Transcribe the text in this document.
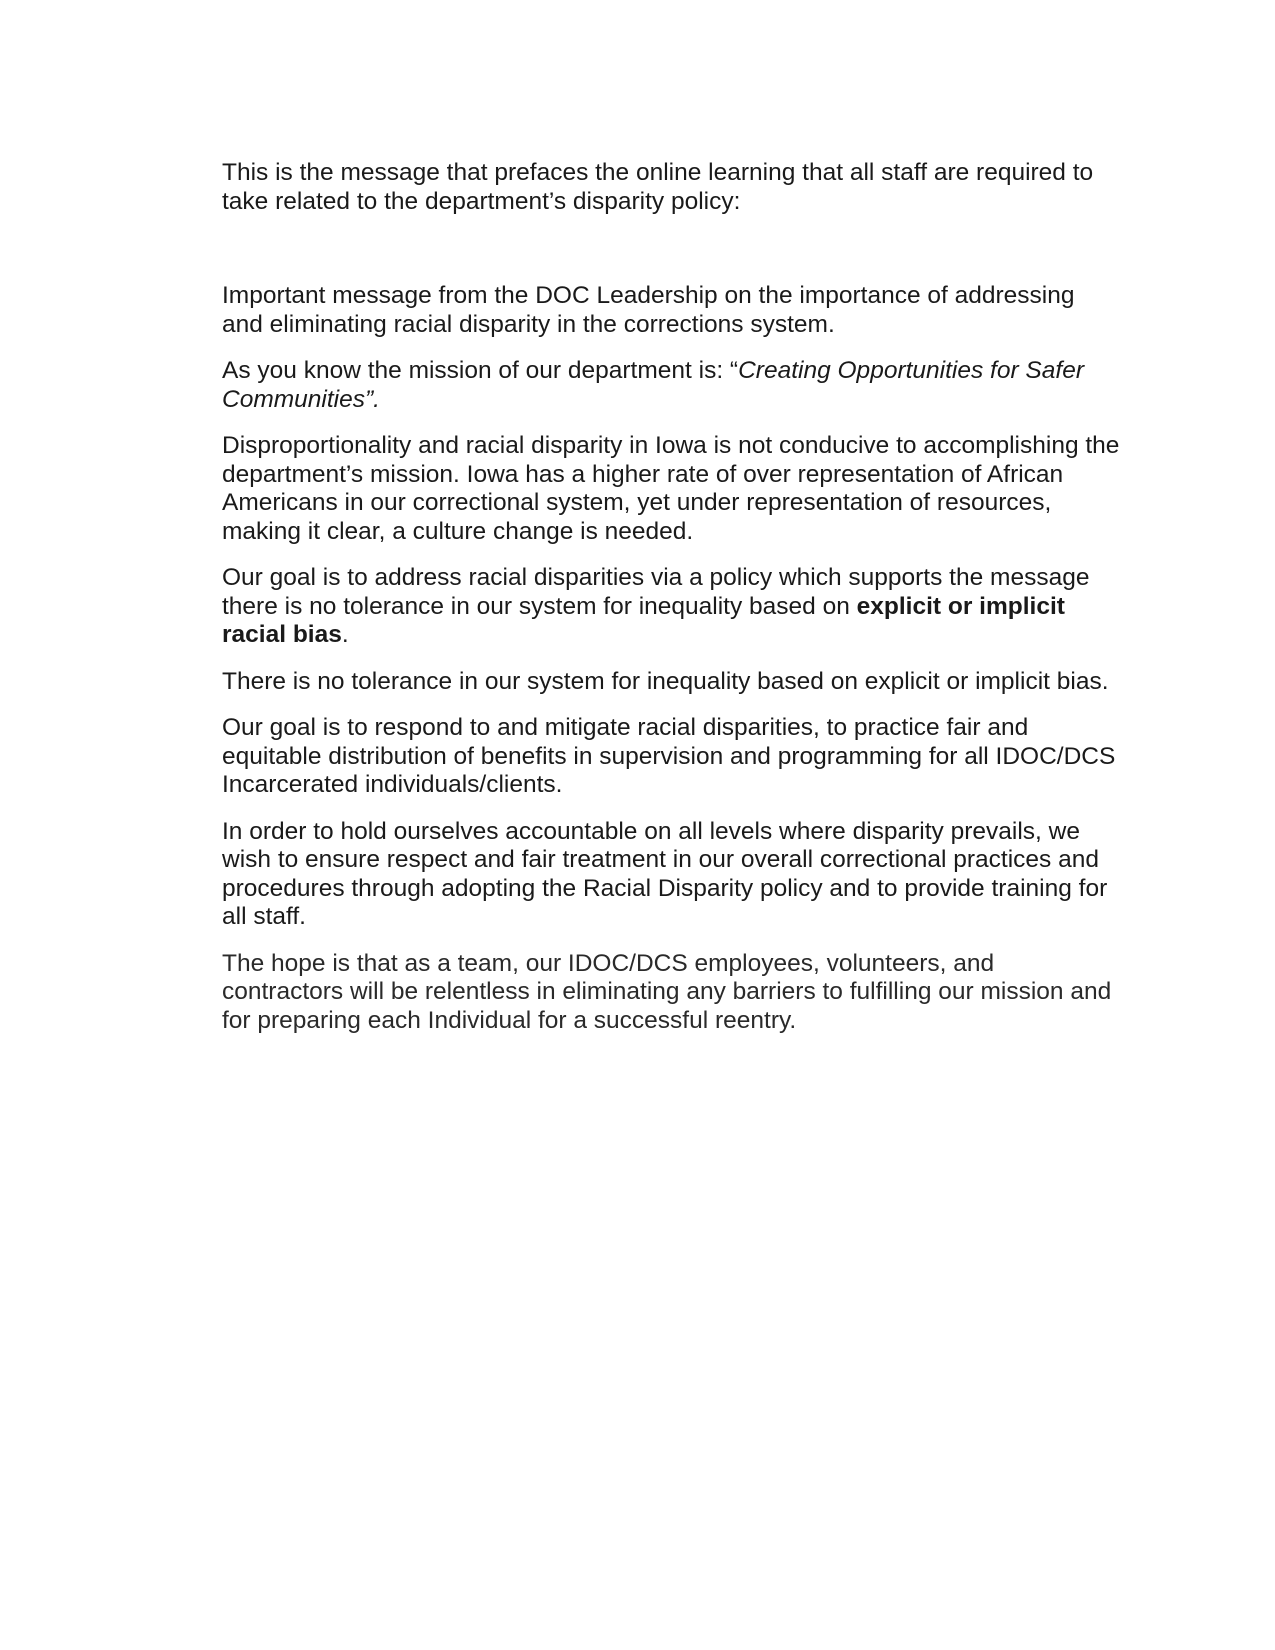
This is the message that prefaces the online learning that all staff are required to take related to the department’s disparity policy:

Important message from the DOC Leadership on the importance of addressing and eliminating racial disparity in the corrections system.

As you know the mission of our department is: “Creating Opportunities for Safer Communities”.

Disproportionality and racial disparity in Iowa is not conducive to accomplishing the department’s mission. Iowa has a higher rate of over representation of African Americans in our correctional system, yet under representation of resources, making it clear, a culture change is needed.

Our goal is to address racial disparities via a policy which supports the message there is no tolerance in our system for inequality based on explicit or implicit racial bias.

There is no tolerance in our system for inequality based on explicit or implicit bias.

Our goal is to respond to and mitigate racial disparities, to practice fair and equitable distribution of benefits in supervision and programming for all IDOC/DCS Incarcerated individuals/clients.

In order to hold ourselves accountable on all levels where disparity prevails, we wish to ensure respect and fair treatment in our overall correctional practices and procedures through adopting the Racial Disparity policy and to provide training for all staff.

The hope is that as a team, our IDOC/DCS employees, volunteers, and contractors will be relentless in eliminating any barriers to fulfilling our mission and for preparing each Individual for a successful reentry.
